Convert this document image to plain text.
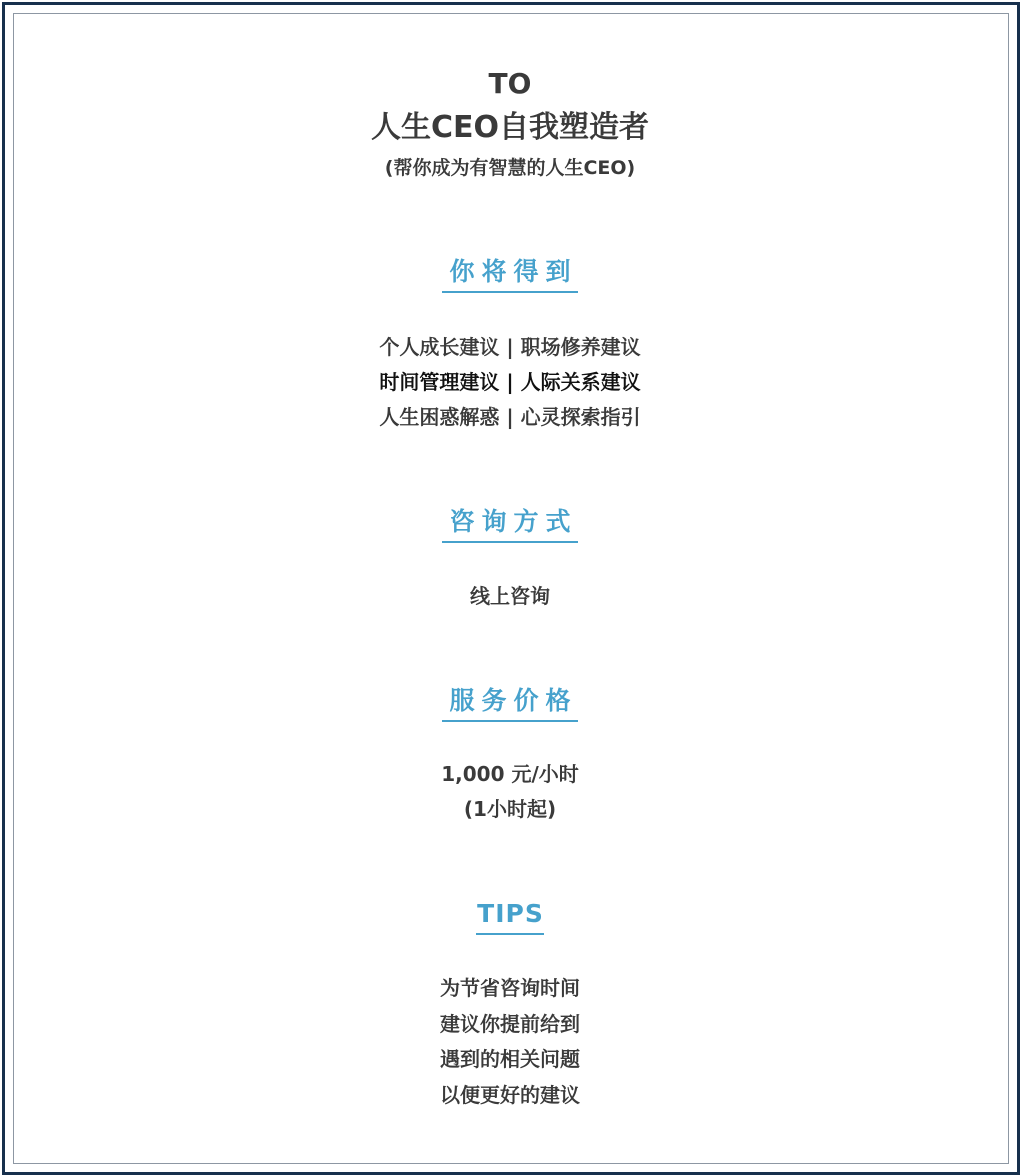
TO
人生CEO自我塑造者
(帮你成为有智慧的人生CEO)
你将得到
个人成长建议 | 职场修养建议
时间管理建议 | 人际关系建议
人生困惑解惑 | 心灵探索指引
咨询方式
线上咨询
服务价格
1,000 元/小时
(1小时起)
TIPS
为节省咨询时间
建议你提前给到
遇到的相关问题
以便更好的建议
